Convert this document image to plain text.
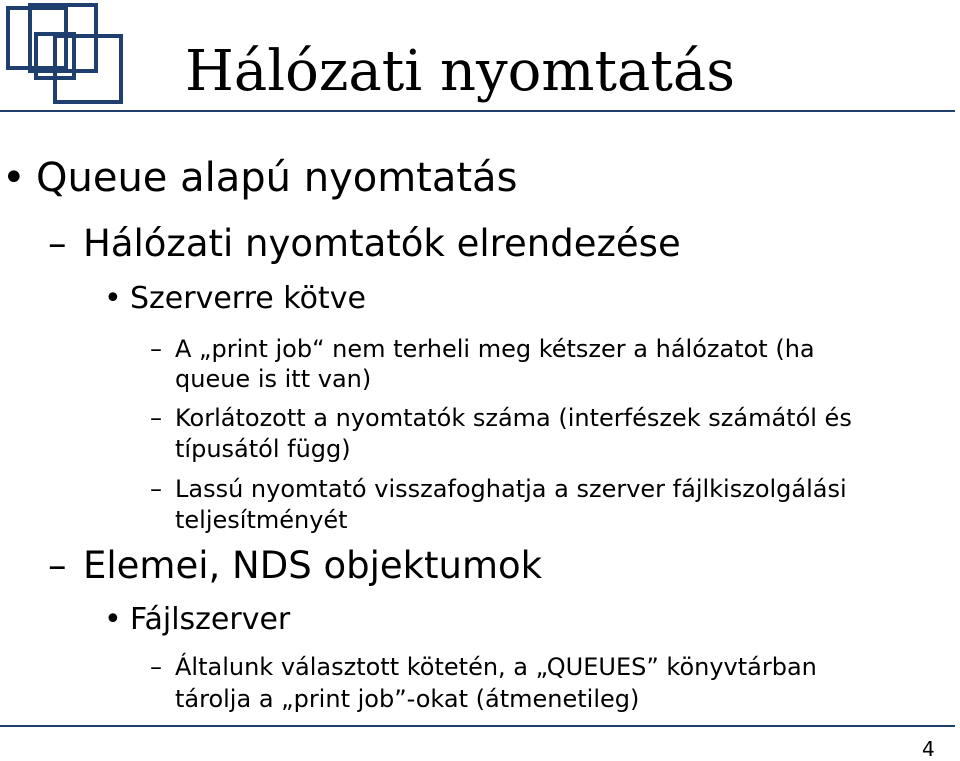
Hálózati nyomtatás
• Queue alapú nyomtatás
– Hálózati nyomtatók elrendezése
• Szerverre kötve
– A „print job“ nem terheli meg kétszer a hálózatot (ha
queue is itt van)
– Korlátozott a nyomtatók száma (interfészek számától és
típusától függ)
– Lassú nyomtató visszafoghatja a szerver fájlkiszolgálási
teljesítményét
– Elemei, NDS objektumok
• Fájlszerver
– Általunk választott kötetén, a „QUEUES” könyvtárban
tárolja a „print job”-okat (átmenetileg)
4
